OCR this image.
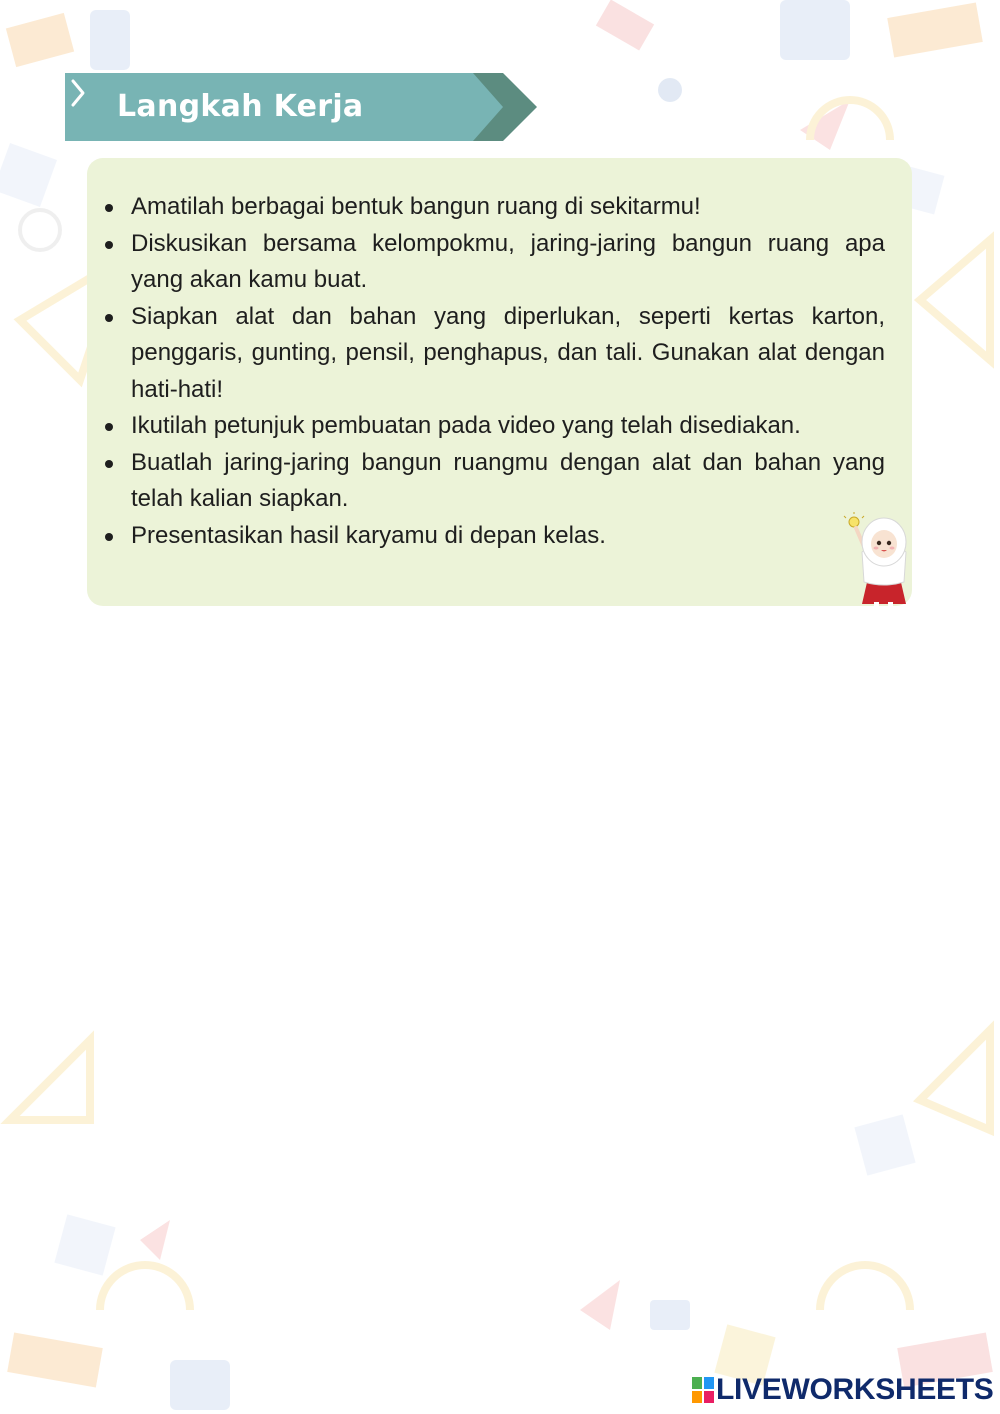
Langkah Kerja
Amatilah berbagai bentuk bangun ruang di sekitarmu!
Diskusikan bersama kelompokmu, jaring-jaring bangun ruang apa yang akan kamu buat.
Siapkan alat dan bahan yang diperlukan, seperti kertas karton, penggaris, gunting, pensil, penghapus, dan tali. Gunakan alat dengan hati-hati!
Ikutilah petunjuk pembuatan pada video yang telah disediakan.
Buatlah jaring-jaring bangun ruangmu dengan alat dan bahan yang telah kalian siapkan.
Presentasikan hasil karyamu di depan kelas.
LIVEWORKSHEETS
